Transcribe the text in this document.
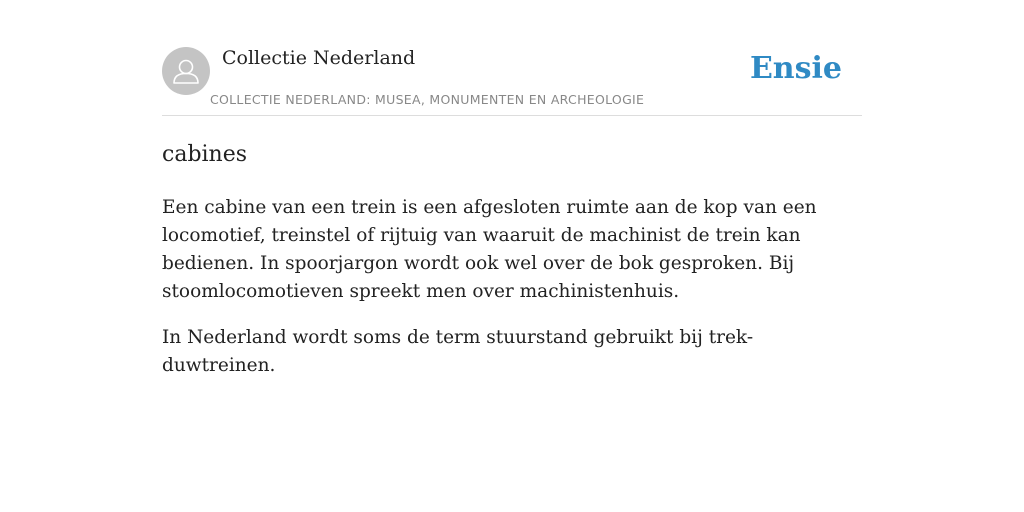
Collectie Nederland
COLLECTIE NEDERLAND: MUSEA, MONUMENTEN EN ARCHEOLOGIE
Ensie
cabines

Een cabine van een trein is een afgesloten ruimte aan de kop van een locomotief, treinstel of rijtuig van waaruit de machinist de trein kan bedienen. In spoorjargon wordt ook wel over de bok gesproken. Bij stoomlocomotieven spreekt men over machinistenhuis.

In Nederland wordt soms de term stuurstand gebruikt bij trek-duwtreinen.
